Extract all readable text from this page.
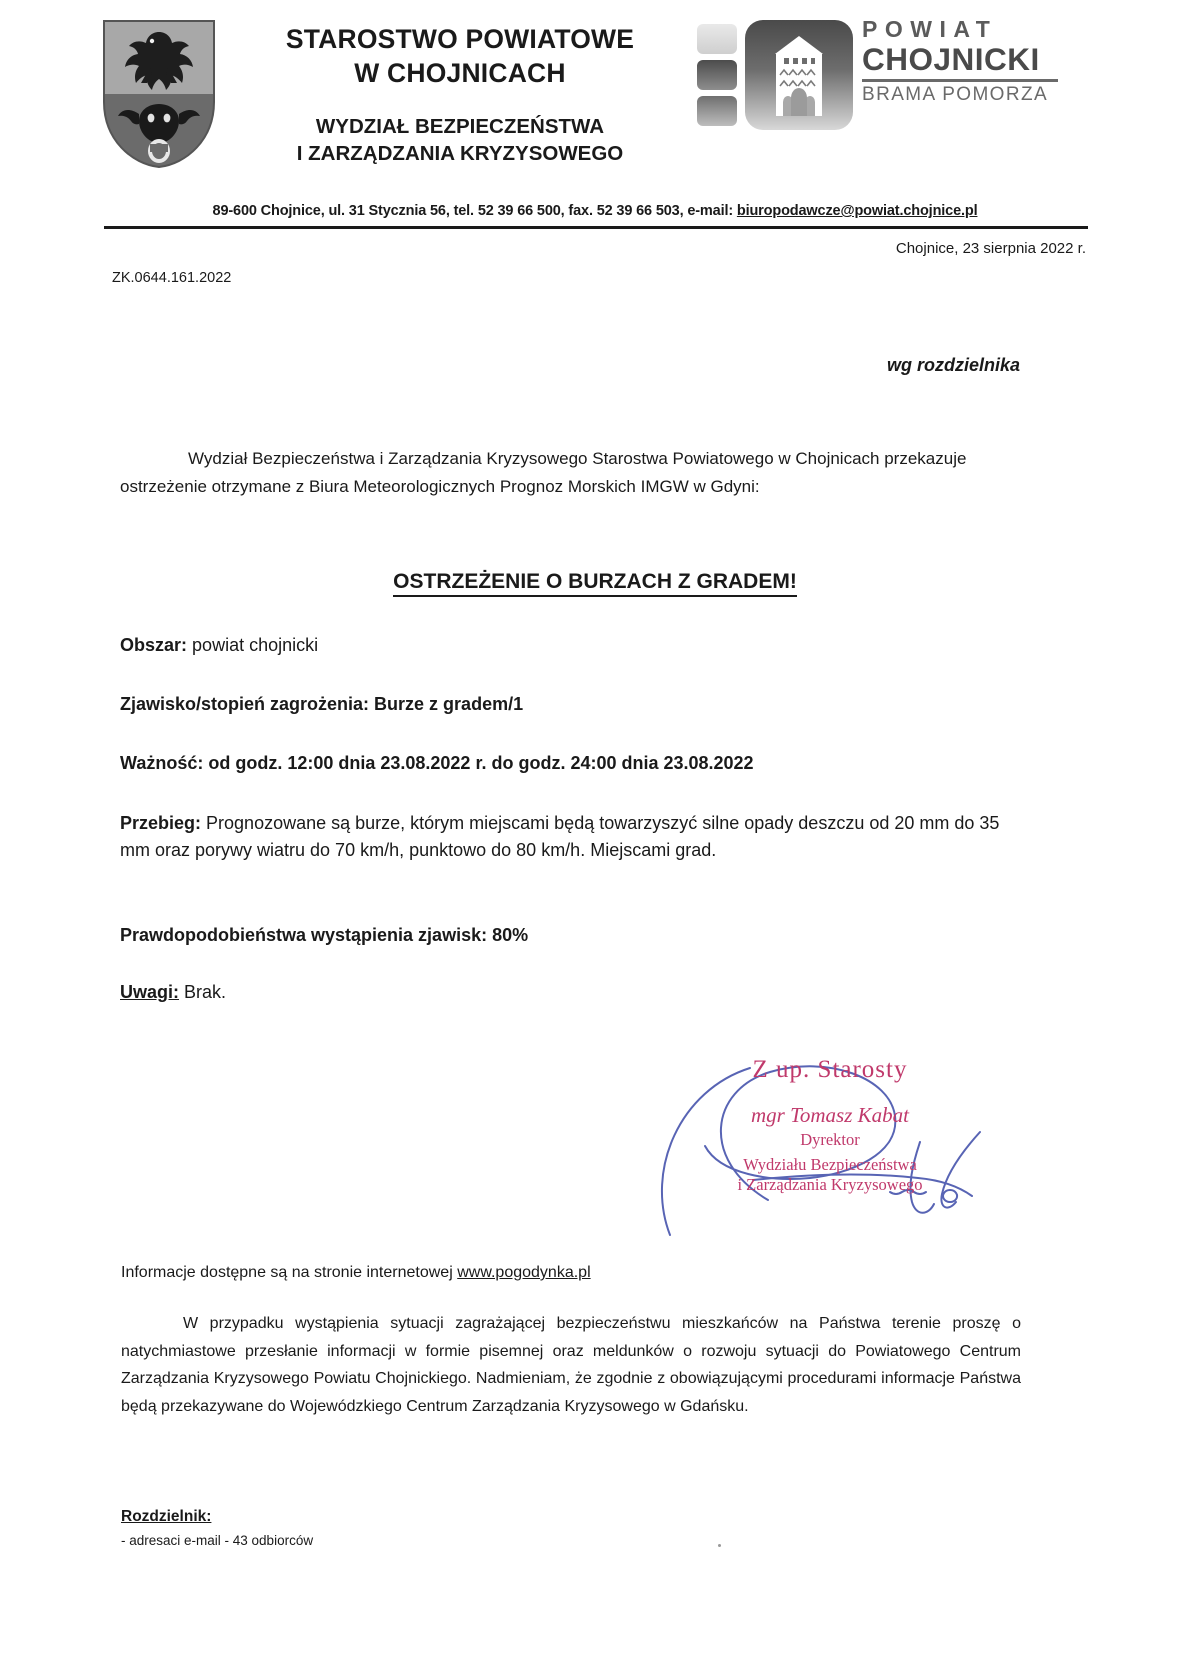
STAROSTWO POWIATOWE
W CHOJNICACH
WYDZIAŁ BEZPIECZEŃSTWA
I ZARZĄDZANIA KRYZYSOWEGO
POWIAT
CHOJNICKI
BRAMA POMORZA
89-600 Chojnice, ul. 31 Stycznia 56, tel. 52 39 66 500, fax. 52 39 66 503, e-mail: biuropodawcze@powiat.chojnice.pl
Chojnice, 23 sierpnia 2022 r.
ZK.0644.161.2022
wg rozdzielnika
Wydział Bezpieczeństwa i Zarządzania Kryzysowego Starostwa Powiatowego w Chojnicach przekazuje ostrzeżenie otrzymane z Biura Meteorologicznych Prognoz Morskich IMGW w Gdyni:
OSTRZEŻENIE O BURZACH Z GRADEM!
Obszar: powiat chojnicki
Zjawisko/stopień zagrożenia: Burze z gradem/1
Ważność: od godz. 12:00 dnia 23.08.2022 r. do godz. 24:00 dnia 23.08.2022
Przebieg: Prognozowane są burze, którym miejscami będą towarzyszyć silne opady deszczu od 20 mm do 35 mm oraz porywy wiatru do 70 km/h, punktowo do 80 km/h. Miejscami grad.
Prawdopodobieństwa wystąpienia zjawisk: 80%
Uwagi: Brak.
Z up. Starosty
mgr Tomasz Kabat
Dyrektor
Wydziału Bezpieczeństwa
i Zarządzania Kryzysowego
Informacje dostępne są na stronie internetowej www.pogodynka.pl
W przypadku wystąpienia sytuacji zagrażającej bezpieczeństwu mieszkańców na Państwa terenie proszę o natychmiastowe przesłanie informacji w formie pisemnej oraz meldunków o rozwoju sytuacji do Powiatowego Centrum Zarządzania Kryzysowego Powiatu Chojnickiego. Nadmieniam, że zgodnie z obowiązującymi procedurami informacje Państwa będą przekazywane do Wojewódzkiego Centrum Zarządzania Kryzysowego w Gdańsku.
Rozdzielnik:
- adresaci e-mail - 43 odbiorców
